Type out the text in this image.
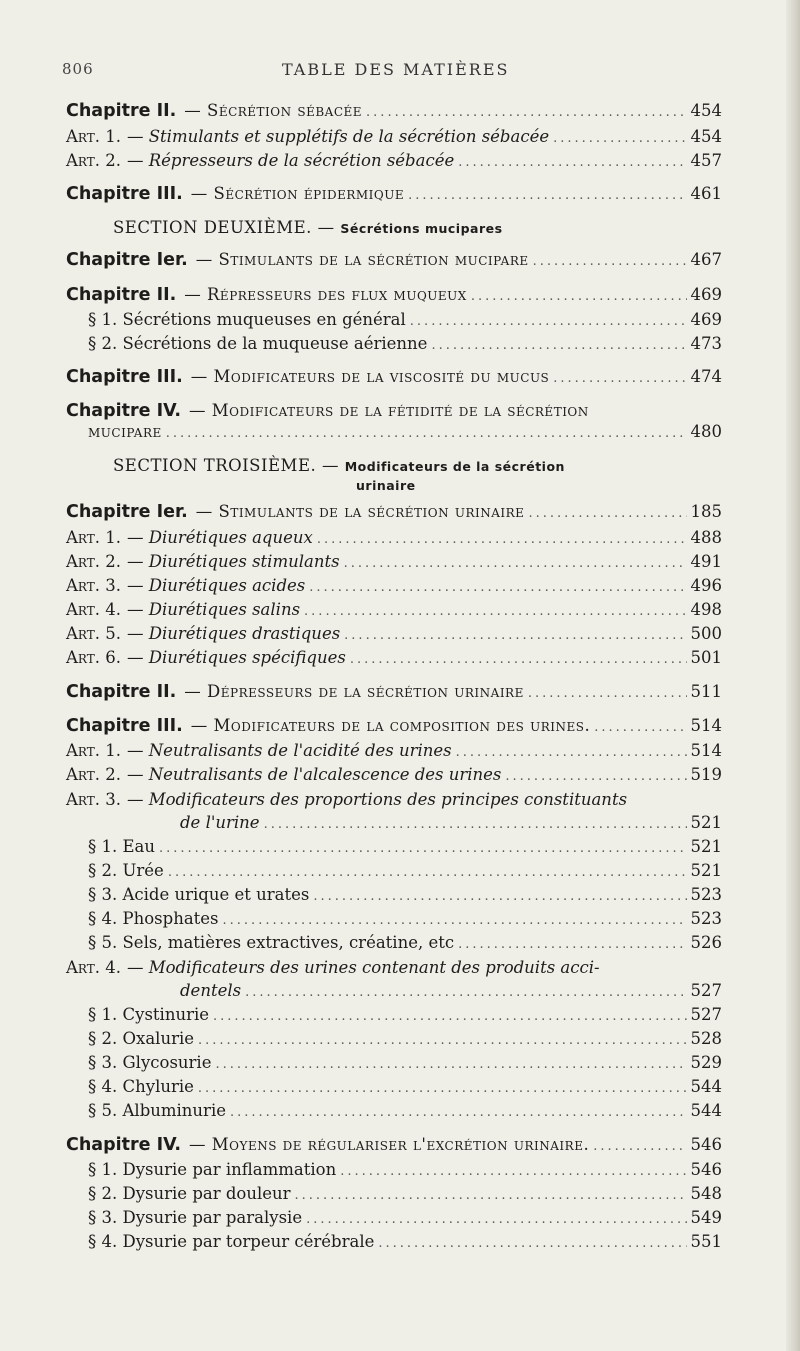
806	TABLE DES MATIÈRES
Chapitre II. — Sécrétion sébacée .....	454
Art. 1. — Stimulants et supplétifs de la sécrétion sébacée .....	454
Art. 2. — Répresseurs de la sécrétion sébacée .....	457
Chapitre III. — Sécrétion épidermique .....	461
SECTION DEUXIÈME. — Sécrétions mucipares
Chapitre Ier. — Stimulants de la sécrétion mucipare .....	467
Chapitre II. — Répresseurs des flux muqueux .....	469
§ 1. Sécrétions muqueuses en général .....	469
§ 2. Sécrétions de la muqueuse aérienne .....	473
Chapitre III. — Modificateurs de la viscosité du mucus .....	474
Chapitre IV. — Modificateurs de la fétidité de la sécrétion
mucipare .....	480
SECTION TROISIÈME. — Modificateurs de la sécrétion
urinaire
Chapitre Ier. — Stimulants de la sécrétion urinaire .....	185
Art. 1. — Diurétiques aqueux .....	488
Art. 2. — Diurétiques stimulants .....	491
Art. 3. — Diurétiques acides .....	496
Art. 4. — Diurétiques salins .....	498
Art. 5. — Diurétiques drastiques .....	500
Art. 6. — Diurétiques spécifiques .....	501
Chapitre II. — Dépresseurs de la sécrétion urinaire .....	511
Chapitre III. — Modificateurs de la composition des urines. .....	514
Art. 1. — Neutralisants de l'acidité des urines .....	514
Art. 2. — Neutralisants de l'alcalescence des urines .....	519
Art. 3. — Modificateurs des proportions des principes constituants
de l'urine .....	521
§ 1. Eau .....	521
§ 2. Urée .....	521
§ 3. Acide urique et urates .....	523
§ 4. Phosphates .....	523
§ 5. Sels, matières extractives, créatine, etc .....	526
Art. 4. — Modificateurs des urines contenant des produits acci-
dentels .....	527
§ 1. Cystinurie .....	527
§ 2. Oxalurie .....	528
§ 3. Glycosurie .....	529
§ 4. Chylurie .....	544
§ 5. Albuminurie .....	544
Chapitre IV. — Moyens de régulariser l'excrétion urinaire. .....	546
§ 1. Dysurie par inflammation .....	546
§ 2. Dysurie par douleur .....	548
§ 3. Dysurie par paralysie .....	549
§ 4. Dysurie par torpeur cérébrale .....	551
